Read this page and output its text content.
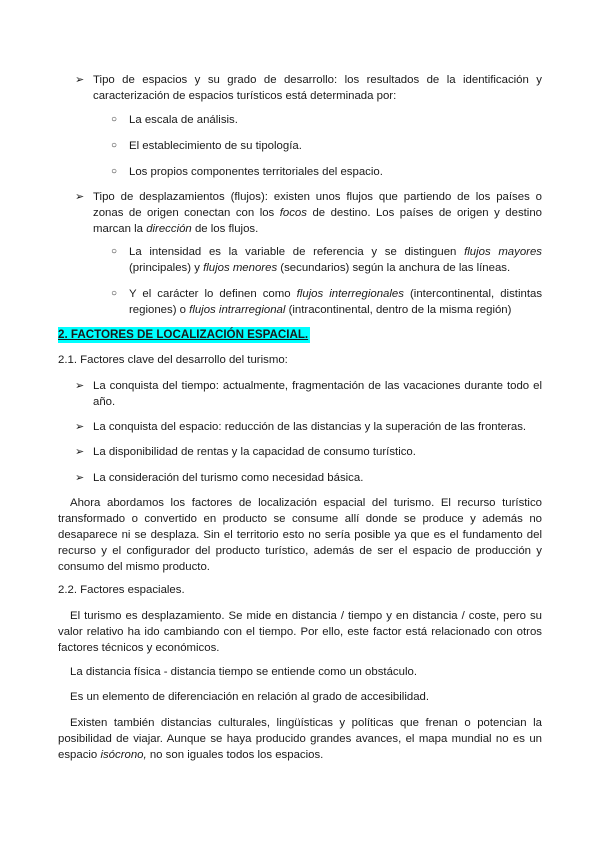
➢ Tipo de espacios y su grado de desarrollo: los resultados de la identificación y caracterización de espacios turísticos está determinada por:
○	La escala de análisis.
○	El establecimiento de su tipología.
○	Los propios componentes territoriales del espacio.
➢ Tipo de desplazamientos (flujos): existen unos flujos que partiendo de los países o zonas de origen conectan con los focos de destino. Los países de origen y destino marcan la dirección de los flujos.
○	La intensidad es la variable de referencia y se distinguen flujos mayores (principales) y flujos menores (secundarios) según la anchura de las líneas.
○	Y el carácter lo definen como flujos interregionales (intercontinental, distintas regiones) o flujos intrarregional (intracontinental, dentro de la misma región)

2. FACTORES DE LOCALIZACIÓN ESPACIAL.

2.1. Factores clave del desarrollo del turismo:

➢ La conquista del tiempo: actualmente, fragmentación de las vacaciones durante todo el año.
➢ La conquista del espacio: reducción de las distancias y la superación de las fronteras.
➢ La disponibilidad de rentas y la capacidad de consumo turístico.
➢ La consideración del turismo como necesidad básica.

Ahora abordamos los factores de localización espacial del turismo. El recurso turístico transformado o convertido en producto se consume allí donde se produce y además no desaparece ni se desplaza. Sin el territorio esto no sería posible ya que es el fundamento del recurso y el configurador del producto turístico, además de ser el espacio de producción y consumo del mismo producto.

2.2. Factores espaciales.

El turismo es desplazamiento. Se mide en distancia / tiempo y en distancia / coste, pero su valor relativo ha ido cambiando con el tiempo. Por ello, este factor está relacionado con otros factores técnicos y económicos.

La distancia física - distancia tiempo se entiende como un obstáculo.

Es un elemento de diferenciación en relación al grado de accesibilidad.

Existen también distancias culturales, lingüísticas y políticas que frenan o potencian la posibilidad de viajar. Aunque se haya producido grandes avances, el mapa mundial no es un espacio isócrono, no son iguales todos los espacios.
